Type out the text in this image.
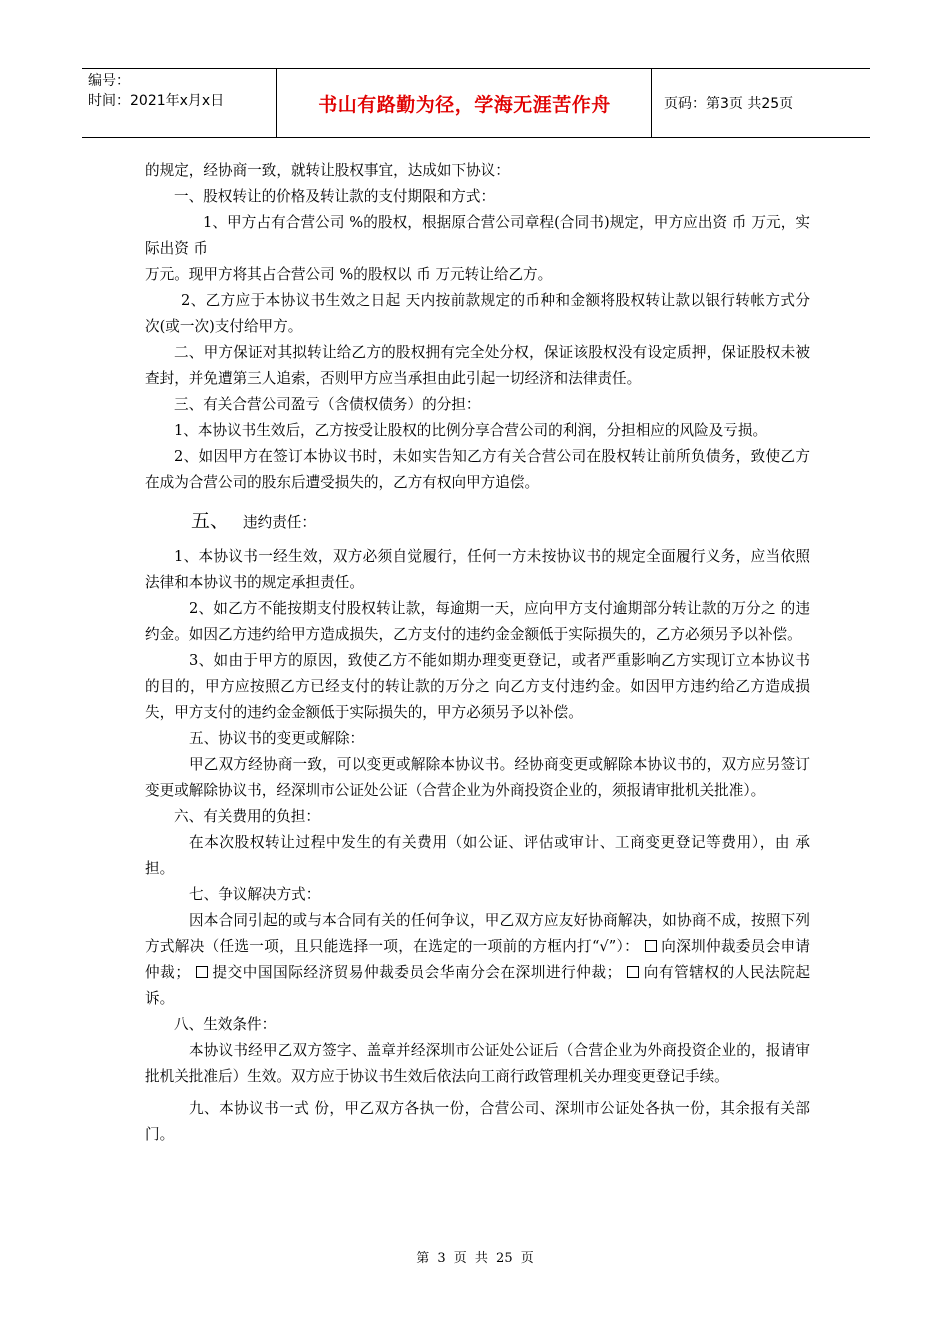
编号：
时间：2021年x月x日	书山有路勤为径，学海无涯苦作舟	页码：第3页 共25页

的规定，经协商一致，就转让股权事宜，达成如下协议：

一、股权转让的价格及转让款的支付期限和方式：

1、甲方占有合营公司 %的股权，根据原合营公司章程(合同书)规定，甲方应出资 币 万元，实际出资 币

万元。现甲方将其占合营公司 %的股权以 币 万元转让给乙方。

2、乙方应于本协议书生效之日起 天内按前款规定的币种和金额将股权转让款以银行转帐方式分 次(或一次)支付给甲方。

二、甲方保证对其拟转让给乙方的股权拥有完全处分权，保证该股权没有设定质押，保证股权未被查封，并免遭第三人追索，否则甲方应当承担由此引起一切经济和法律责任。

三、有关合营公司盈亏（含债权债务）的分担：

1、本协议书生效后，乙方按受让股权的比例分享合营公司的利润，分担相应的风险及亏损。

2、如因甲方在签订本协议书时，未如实告知乙方有关合营公司在股权转让前所负债务，致使乙方在成为合营公司的股东后遭受损失的，乙方有权向甲方追偿。

五、 违约责任：

1、本协议书一经生效，双方必须自觉履行，任何一方未按协议书的规定全面履行义务，应当依照法律和本协议书的规定承担责任。

2、如乙方不能按期支付股权转让款，每逾期一天，应向甲方支付逾期部分转让款的万分之 的违约金。如因乙方违约给甲方造成损失，乙方支付的违约金金额低于实际损失的，乙方必须另予以补偿。

3、如由于甲方的原因，致使乙方不能如期办理变更登记，或者严重影响乙方实现订立本协议书的目的，甲方应按照乙方已经支付的转让款的万分之 向乙方支付违约金。如因甲方违约给乙方造成损失，甲方支付的违约金金额低于实际损失的，甲方必须另予以补偿。

五、协议书的变更或解除：

甲乙双方经协商一致，可以变更或解除本协议书。经协商变更或解除本协议书的，双方应另签订变更或解除协议书，经深圳市公证处公证（合营企业为外商投资企业的，须报请审批机关批准）。

六、有关费用的负担：

在本次股权转让过程中发生的有关费用（如公证、评估或审计、工商变更登记等费用），由 承担。

七、争议解决方式：

因本合同引起的或与本合同有关的任何争议，甲乙双方应友好协商解决，如协商不成，按照下列方式解决（任选一项，且只能选择一项，在选定的一项前的方框内打“√”）： 向深圳仲裁委员会申请仲裁； 提交中国国际经济贸易仲裁委员会华南分会在深圳进行仲裁； 向有管辖权的人民法院起诉。

八、生效条件：

本协议书经甲乙双方签字、盖章并经深圳市公证处公证后（合营企业为外商投资企业的，报请审批机关批准后）生效。双方应于协议书生效后依法向工商行政管理机关办理变更登记手续。

九、本协议书一式 份，甲乙双方各执一份，合营公司、深圳市公证处各执一份，其余报有关部门。

第 3 页 共 25 页
